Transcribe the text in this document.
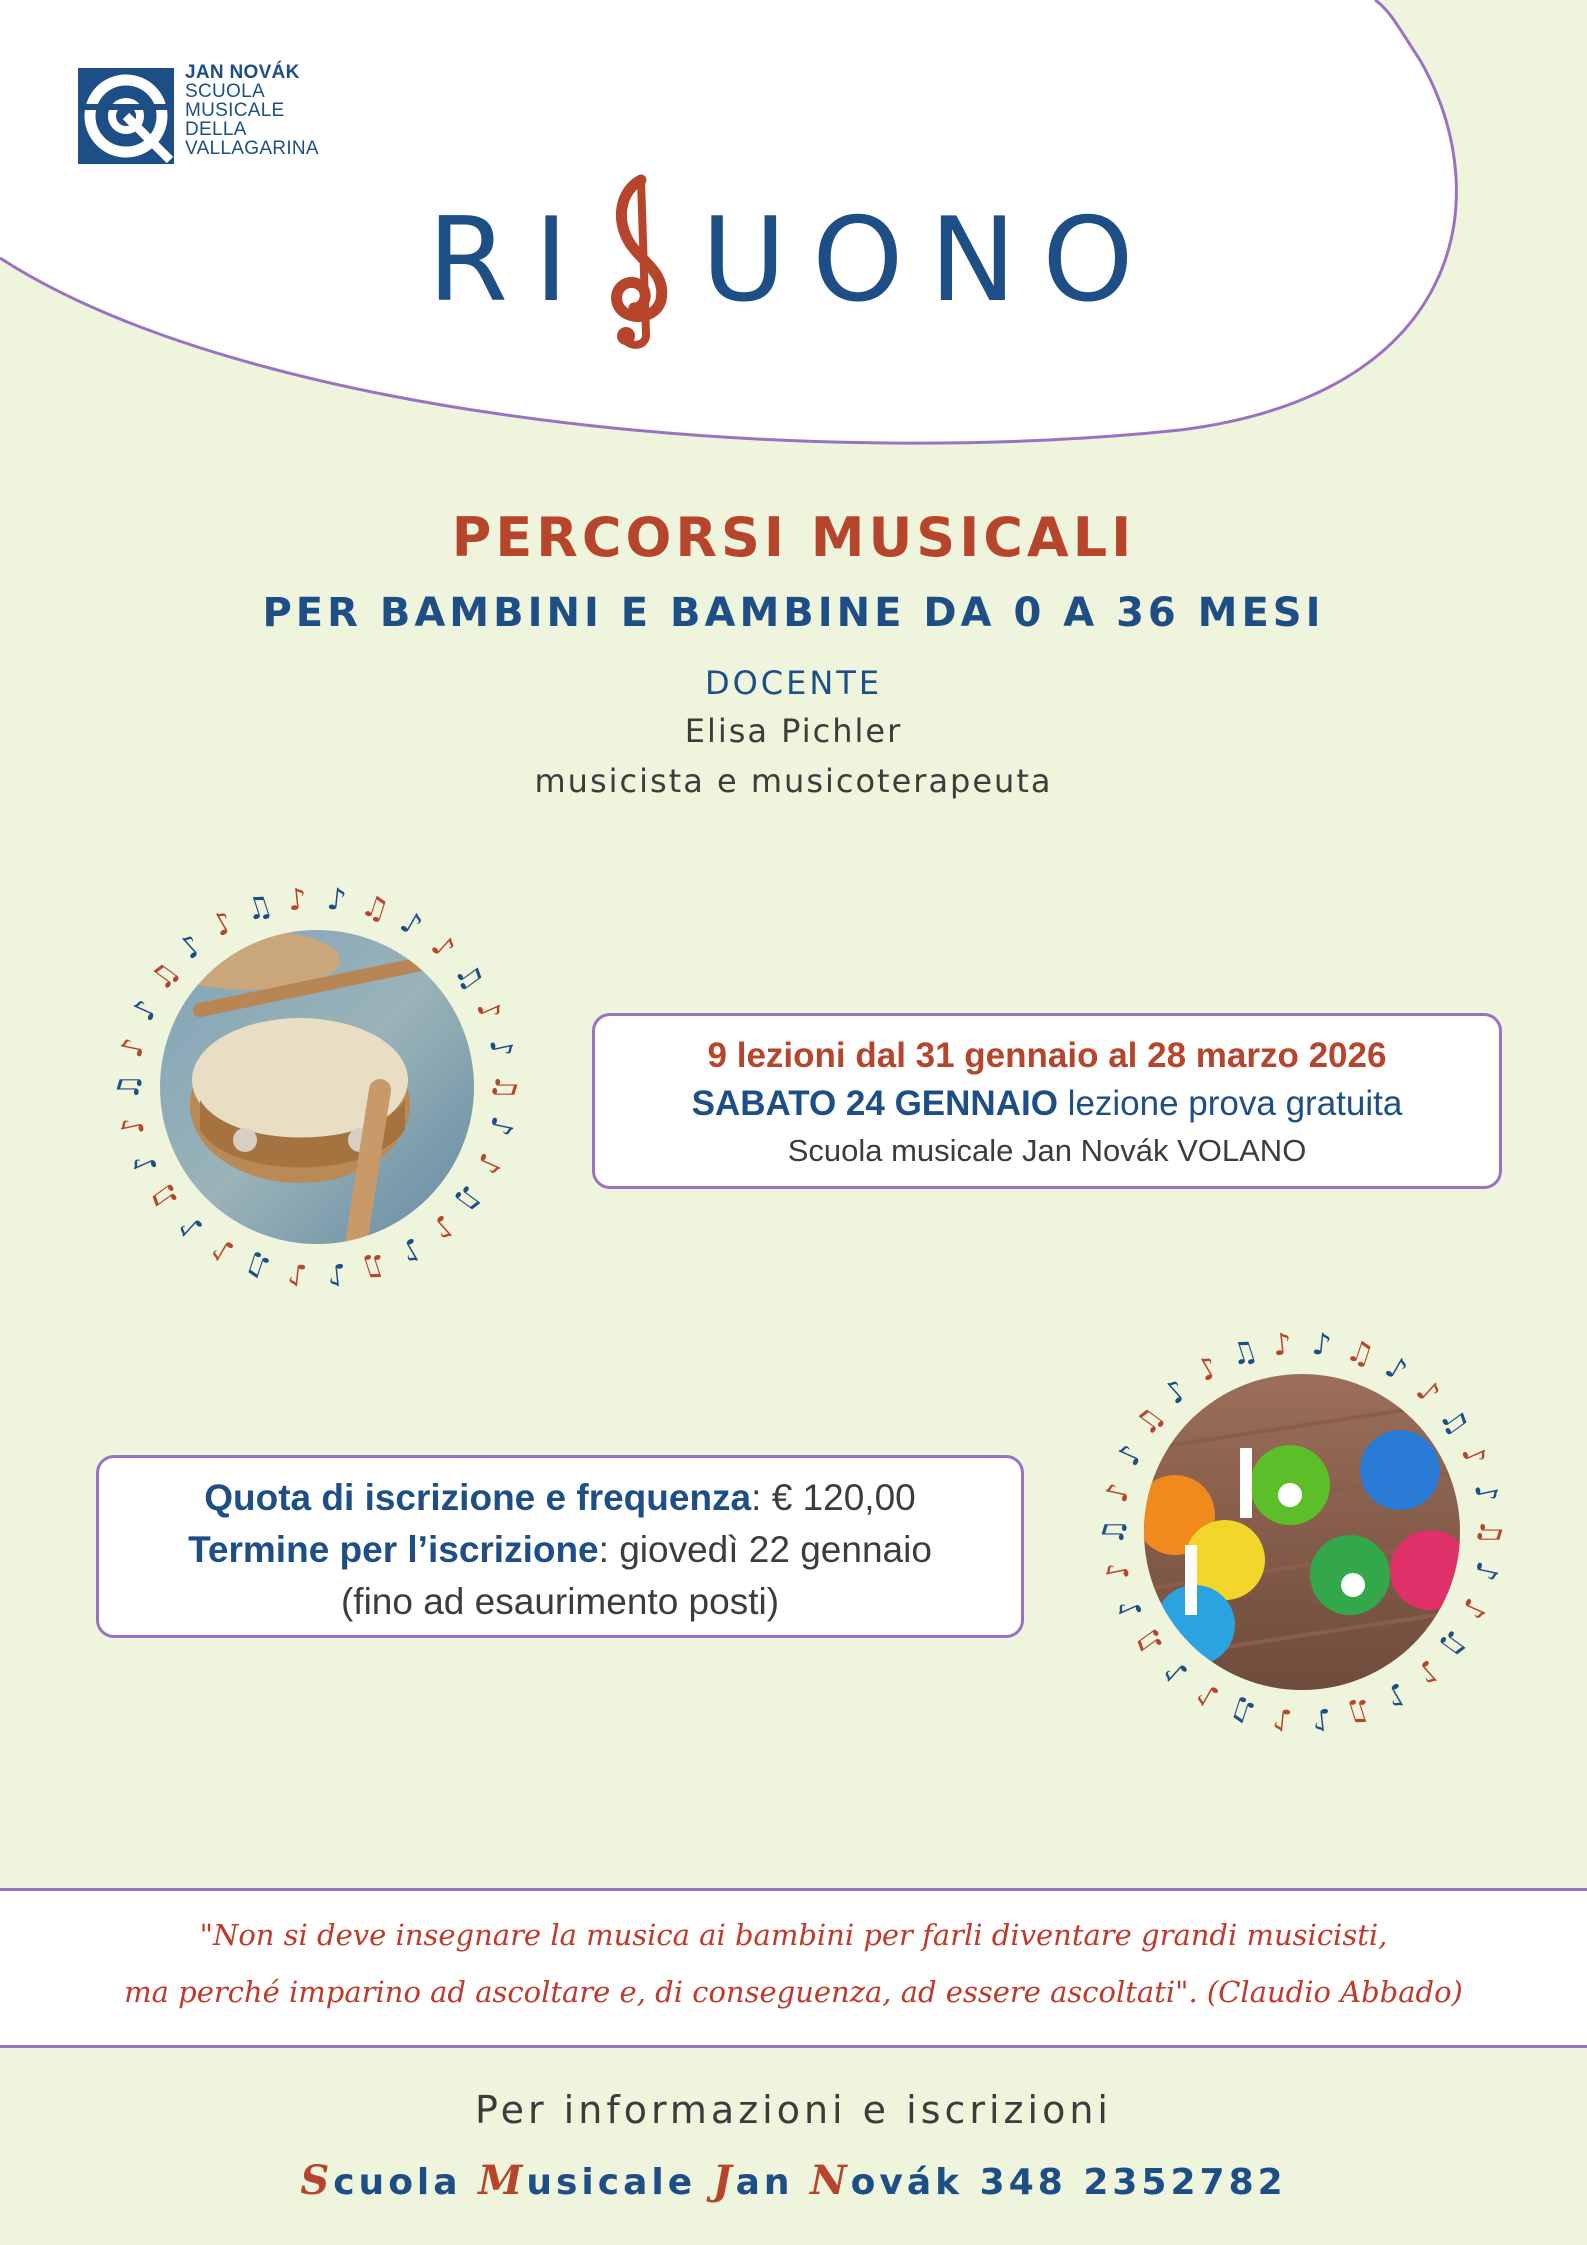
♫
♪
♪
♫
♪
♪
♫
♪
♪
♫
♪
♪
♫
♪
♪
♫
♪
♪
♫
♪
♪ ♫ ♪ ♪ ♫ ♪
♪
♫
♪
♪
♫
♪
♪
♫
♪
♪
♫
♪
♪
♫
♪
♪
♫
♪
♪
♫
♪
♪
♫
♪
♪ ♫ ♪ ♪ ♫ ♪
♪
♫
♪
♪
JAN NOVÁK
SCUOLA
MUSICALE
DELLA
VALLAGARINA
RI UONO
PERCORSI MUSICALI
PER BAMBINI E BAMBINE DA 0 A 36 MESI
DOCENTE
Elisa Pichler
musicista e musicoterapeuta
9 lezioni dal 31 gennaio al 28 marzo 2026
SABATO 24 GENNAIO lezione prova gratuita
Scuola musicale Jan Novák VOLANO
Quota di iscrizione e frequenza: € 120,00
Termine per l’iscrizione: giovedì 22 gennaio
(fino ad esaurimento posti)
"Non si deve insegnare la musica ai bambini per farli diventare grandi musicisti,
ma perché imparino ad ascoltare e, di conseguenza, ad essere ascoltati". (Claudio Abbado)
Per informazioni e iscrizioni
Scuola Musicale Jan Novák 348 2352782
